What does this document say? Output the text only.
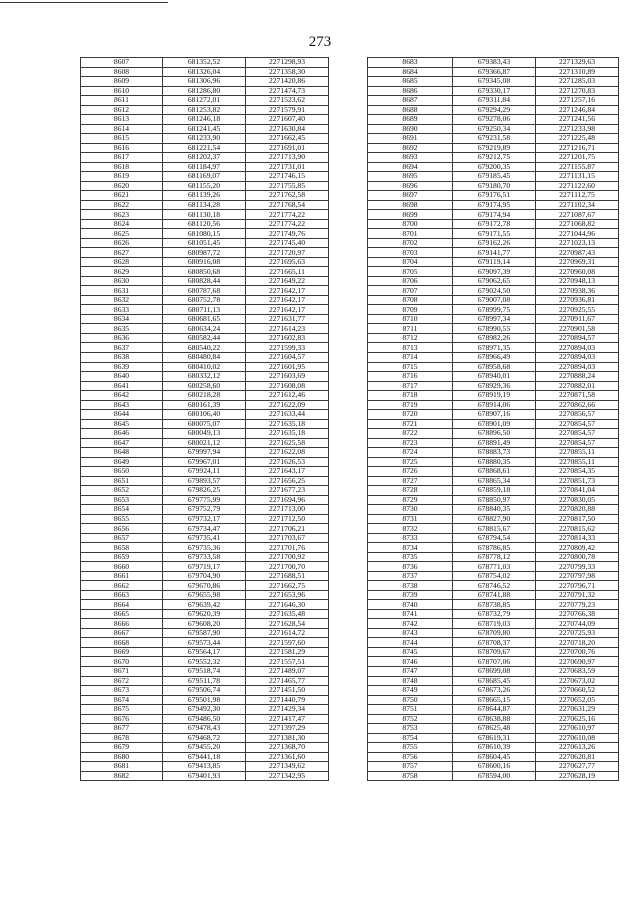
273
8607	681352,52	2271298,93
8608	681326,04	2271358,30
8609	681306,96	2271420,86
8610	681286,80	2271474,73
8611	681272,01	2271523,62
8612	681253,82	2271579,91
8613	681246,18	2271607,40
8614	681241,45	2271630,84
8615	681233,90	2271662,45
8616	681221,54	2271691,01
8617	681202,37	2271713,90
8618	681184,97	2271731,01
8619	681169,07	2271746,15
8620	681155,20	2271755,85
8621	681139,26	2271762,58
8622	681134,28	2271768,54
8623	681130,18	2271774,22
8624	681120,56	2271774,22
8625	681080,15	2271749,76
8626	681051,45	2271745,40
8627	680987,72	2271720,97
8628	680916,08	2271695,63
8629	680850,68	2271665,11
8630	680828,44	2271649,22
8631	680787,68	2271642,17
8632	680752,78	2271642,17
8633	680711,13	2271642,17
8634	680681,65	2271631,77
8635	680634,24	2271614,23
8636	680582,44	2271602,83
8637	680540,22	2271599,33
8638	680480,84	2271604,57
8639	680410,02	2271601,95
8640	680332,12	2271603,69
8641	680258,60	2271608,08
8642	680218,28	2271612,46
8643	680161,39	2271622,09
8644	680106,40	2271633,44
8645	680075,07	2271635,18
8646	680049,13	2271635,18
8647	680021,12	2271625,58
8648	679997,94	2271622,08
8649	679967,01	2271626,53
8650	679924,11	2271643,17
8651	679893,57	2271656,25
8652	679826,25	2271677,23
8653	679775,99	2271694,96
8654	679752,79	2271713,00
8655	679732,17	2271712,50
8656	679734,47	2271706,21
8657	679735,41	2271703,67
8658	679735,36	2271701,76
8659	679733,58	2271700,92
8660	679719,17	2271700,70
8661	679704,90	2271688,51
8662	679670,86	2271662,75
8663	679655,98	2271653,96
8664	679639,42	2271646,30
8665	679620,39	2271635,48
8666	679608,20	2271628,54
8667	679587,90	2271614,72
8668	679573,44	2271597,60
8669	679564,17	2271581,29
8670	679552,32	2271557,51
8671	679518,74	2271489,07
8672	679511,78	2271465,77
8673	679506,74	2271451,50
8674	679501,98	2271440,79
8675	679492,30	2271429,34
8676	679486,50	2271417,47
8677	679478,43	2271397,29
8678	679468,72	2271381,30
8679	679455,20	2271368,70
8680	679441,18	2271361,60
8681	679413,85	2271349,62
8682	679401,93	2271342,95
8683	679383,43	2271329,63
8684	679366,87	2271310,89
8685	679345,08	2271285,03
8686	679330,17	2271270,83
8687	679311,84	2271257,16
8688	679294,29	2271246,84
8689	679278,06	2271241,56
8690	679250,34	2271233,98
8691	679231,58	2271225,48
8692	679219,89	2271216,71
8693	679212,75	2271201,75
8694	679200,35	2271155,87
8695	679185,45	2271131,15
8696	679180,70	2271122,60
8697	679176,51	2271112,75
8698	679174,95	2271102,34
8699	679174,94	2271087,67
8700	679172,78	2271068,82
8701	679171,55	2271044,96
8702	679162,26	2271023,13
8703	679141,77	2270987,43
8704	679119,14	2270969,31
8705	679097,39	2270960,08
8706	679062,65	2270948,13
8707	679024,50	2270938,36
8708	679007,08	2270936,81
8709	678999,75	2270925,55
8710	678997,34	2270911,67
8711	678990,55	2270901,58
8712	678982,26	2270894,57
8713	678971,35	2270894,03
8714	678966,49	2270894,03
8715	678958,68	2270894,03
8716	678940,01	2270888,24
8717	678929,36	2270882,01
8718	678919,19	2270871,58
8719	678914,06	2270862,66
8720	678907,16	2270856,57
8721	678901,09	2270854,57
8722	678896,50	2270854,57
8723	678891,49	2270854,57
8724	678883,73	2270855,11
8725	678880,35	2270855,11
8726	678868,61	2270854,35
8727	678865,34	2270851,73
8728	678859,18	2270841,04
8729	678850,97	2270830,05
8730	678840,35	2270820,88
8731	678827,90	2270817,50
8732	678815,67	2270815,62
8733	678794,54	2270814,33
8734	678786,85	2270809,42
8735	678778,12	2270800,78
8736	678771,03	2270799,33
8737	678754,02	2270797,98
8738	678746,52	2270796,71
8739	678741,88	2270791,32
8740	678738,85	2270779,23
8741	678732,79	2270766,38
8742	678719,03	2270744,09
8743	678709,80	2270725,93
8744	678708,37	2270718,20
8745	678709,67	2270700,76
8746	678707,06	2270690,97
8747	678699,08	2270683,59
8748	678685,45	2270673,02
8749	678673,26	2270660,52
8750	678665,15	2270652,05
8751	678644,87	2270631,29
8752	678638,88	2270625,16
8753	678625,48	2270610,97
8754	678619,31	2270610,08
8755	678610,39	2270613,26
8756	678604,45	2270620,81
8757	678600,16	2270627,77
8758	678594,00	2270628,19
